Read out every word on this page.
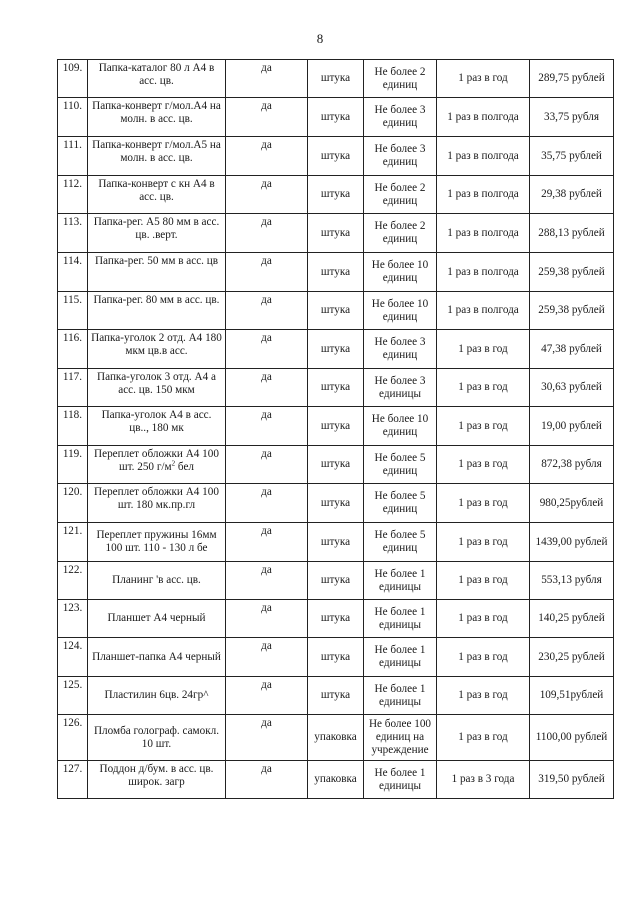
8
109.	Папка-каталог 80 л А4 в асс. цв.	да	штука	Не более 2 единиц	1 раз в год	289,75 рублей
110.	Папка-конверт г/мол.А4 на молн. в асс. цв.	да	штука	Не более 3 единиц	1 раз в полгода	33,75 рубля
111.	Папка-конверт г/мол.А5 на молн. в асс. цв.	да	штука	Не более 3 единиц	1 раз в полгода	35,75 рублей
112.	Папка-конверт с кн А4 в асс. цв.	да	штука	Не более 2 единиц	1 раз в полгода	29,38 рублей
113.	Папка-рег. А5 80 мм в асс. цв. .верт.	да	штука	Не более 2 единиц	1 раз в полгода	288,13 рублей
114.	Папка-рег. 50 мм в асс. цв	да	штука	Не более 10 единиц	1 раз в полгода	259,38 рублей
115.	Папка-рег. 80 мм в асс. цв.	да	штука	Не более 10 единиц	1 раз в полгода	259,38 рублей
116.	Папка-уголок 2 отд. А4 180 мкм цв.в асс.	да	штука	Не более 3 единиц	1 раз в год	47,38 рублей
117.	Папка-уголок 3 отд. А4 а асс. цв. 150 мкм	да	штука	Не более 3 единицы	1 раз в год	30,63 рублей
118.	Папка-уголок А4 в асс. цв.., 180 мк	да	штука	Не более 10 единиц	1 раз в год	19,00 рублей
119.	Переплет обложки А4 100 шт. 250 $г/м^2$ бел	да	штука	Не более 5 единиц	1 раз в год	872,38 рубля
120.	Переплет обложки А4 100 шт. 180 мк.пр.гл	да	штука	Не более 5 единиц	1 раз в год	980,25рублей
121.	Переплет пружины 16мм 100 шт. 110 - 130 л бе	да	штука	Не более 5 единиц	1 раз в год	1439,00 рублей
122.	Планинг 'в асс. цв.	да	штука	Не более 1 единицы	1 раз в год	553,13 рубля
123.	Планшет А4 черный	да	штука	Не более 1 единицы	1 раз в год	140,25 рублей
124.	Планшет-папка А4 черный	да	штука	Не более 1 единицы	1 раз в год	230,25 рублей
125.	Пластилин 6цв. 24гр^	да	штука	Не более 1 единицы	1 раз в год	109,51рублей
126.	Пломба голограф. самокл. 10 шт.	да	упаковка	Не более 100 единиц на учреждение	1 раз в год	1100,00 рублей
127.	Поддон д/бум. в асс. цв. широк. загр	да	упаковка	Не более 1 единицы	1 раз в 3 года	319,50 рублей
